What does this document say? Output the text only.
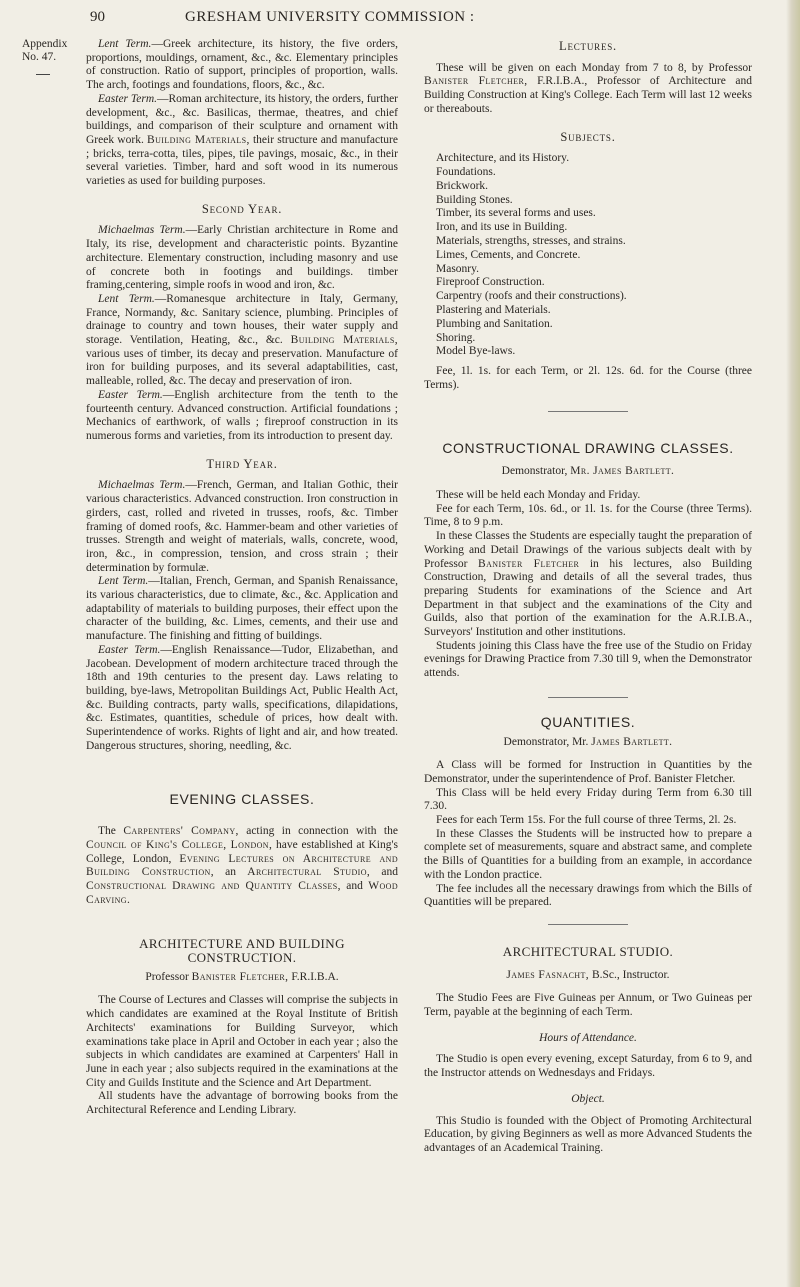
90	GRESHAM UNIVERSITY COMMISSION :
Appendix
No. 47.

Lent Term.—Greek architecture, its history, the five orders, proportions, mouldings, ornament, &c., &c. Elementary principles of construction. Ratio of support, principles of proportion, walls. The arch, footings and foundations, floors, &c., &c.

Easter Term.—Roman architecture, its history, the orders, further development, &c., &c. Basilicas, thermae, theatres, and chief buildings, and comparison of their sculpture and ornament with Greek work. Building Materials, their structure and manufacture ; bricks, terra-cotta, tiles, pipes, tile pavings, mosaic, &c., in their several varieties. Timber, hard and soft wood in its numerous varieties as used for building purposes.

Second Year.

Michaelmas Term.—Early Christian architecture in Rome and Italy, its rise, development and characteristic points. Byzantine architecture. Elementary construction, including masonry and use of concrete both in footings and buildings. timber framing,centering, simple roofs in wood and iron, &c.

Lent Term.—Romanesque architecture in Italy, Germany, France, Normandy, &c. Sanitary science, plumbing. Principles of drainage to country and town houses, their water supply and storage. Ventilation, Heating, &c., &c. Building Materials, various uses of timber, its decay and preservation. Manufacture of iron for building purposes, and its several adaptabilities, cast, malleable, rolled, &c. The decay and preservation of iron.

Easter Term.—English architecture from the tenth to the fourteenth century. Advanced construction. Artificial foundations ; Mechanics of earthwork, of walls ; fireproof construction in its numerous forms and varieties, from its introduction to present day.

Third Year.

Michaelmas Term.—French, German, and Italian Gothic, their various characteristics. Advanced construction. Iron construction in girders, cast, rolled and riveted in trusses, roofs, &c. Timber framing of domed roofs, &c. Hammer-beam and other varieties of trusses. Strength and weight of materials, walls, concrete, wood, iron, &c., in compression, tension, and cross strain ; their determination by formulæ.

Lent Term.—Italian, French, German, and Spanish Renaissance, its various characteristics, due to climate, &c., &c. Application and adaptability of materials to building purposes, their effect upon the character of the building, &c. Limes, cements, and their use and manufacture. The finishing and fitting of buildings.

Easter Term.—English Renaissance—Tudor, Elizabethan, and Jacobean. Development of modern architecture traced through the 18th and 19th centuries to the present day. Laws relating to building, bye-laws, Metropolitan Buildings Act, Public Health Act, &c. Building contracts, party walls, specifications, dilapidations, &c. Estimates, quantities, schedule of prices, how dealt with. Superintendence of works. Rights of light and air, and how treated. Dangerous structures, shoring, needling, &c.

EVENING CLASSES.

The Carpenters' Company, acting in connection with the Council of King's College, London, have established at King's College, London, Evening Lectures on Architecture and Building Construction, an Architectural Studio, and Constructional Drawing and Quantity Classes, and Wood Carving.

ARCHITECTURE AND BUILDING CONSTRUCTION.
Professor Banister Fletcher, F.R.I.B.A.

The Course of Lectures and Classes will comprise the subjects in which candidates are examined at the Royal Institute of British Architects' examinations for Building Surveyor, which examinations take place in April and October in each year ; also the subjects in which candidates are examined at Carpenters' Hall in June in each year ; also subjects required in the examinations at the City and Guilds Institute and the Science and Art Department.

All students have the advantage of borrowing books from the Architectural Reference and Lending Library.

Lectures.

These will be given on each Monday from 7 to 8, by Professor Banister Fletcher, F.R.I.B.A., Professor of Architecture and Building Construction at King's College. Each Term will last 12 weeks or thereabouts.

Subjects.
Architecture, and its History.
Foundations.
Brickwork.
Building Stones.
Timber, its several forms and uses.
Iron, and its use in Building.
Materials, strengths, stresses, and strains.
Limes, Cements, and Concrete.
Masonry.
Fireproof Construction.
Carpentry (roofs and their constructions).
Plastering and Materials.
Plumbing and Sanitation.
Shoring.
Model Bye-laws.

Fee, 1l. 1s. for each Term, or 2l. 12s. 6d. for the Course (three Terms).

CONSTRUCTIONAL DRAWING CLASSES.
Demonstrator, Mr. James Bartlett.

These will be held each Monday and Friday.

Fee for each Term, 10s. 6d., or 1l. 1s. for the Course (three Terms). Time, 8 to 9 p.m.

In these Classes the Students are especially taught the preparation of Working and Detail Drawings of the various subjects dealt with by Professor Banister Fletcher in his lectures, also Building Construction, Drawing and details of all the several trades, thus preparing Students for examinations of the Science and Art Department in that subject and the examinations of the City and Guilds, also that portion of the examination for the A.R.I.B.A., Surveyors' Institution and other institutions.

Students joining this Class have the free use of the Studio on Friday evenings for Drawing Practice from 7.30 till 9, when the Demonstrator attends.

QUANTITIES.
Demonstrator, Mr. James Bartlett.

A Class will be formed for Instruction in Quantities by the Demonstrator, under the superintendence of Prof. Banister Fletcher.

This Class will be held every Friday during Term from 6.30 till 7.30.

Fees for each Term 15s. For the full course of three Terms, 2l. 2s.

In these Classes the Students will be instructed how to prepare a complete set of measurements, square and abstract same, and complete the Bills of Quantities for a building from an example, in accordance with the London practice.

The fee includes all the necessary drawings from which the Bills of Quantities will be prepared.

ARCHITECTURAL STUDIO.
James Fasnacht, B.Sc., Instructor.

The Studio Fees are Five Guineas per Annum, or Two Guineas per Term, payable at the beginning of each Term.

Hours of Attendance.

The Studio is open every evening, except Saturday, from 6 to 9, and the Instructor attends on Wednesdays and Fridays.

Object.

This Studio is founded with the Object of Promoting Architectural Education, by giving Beginners as well as more Advanced Students the advantages of an Academical Training.
